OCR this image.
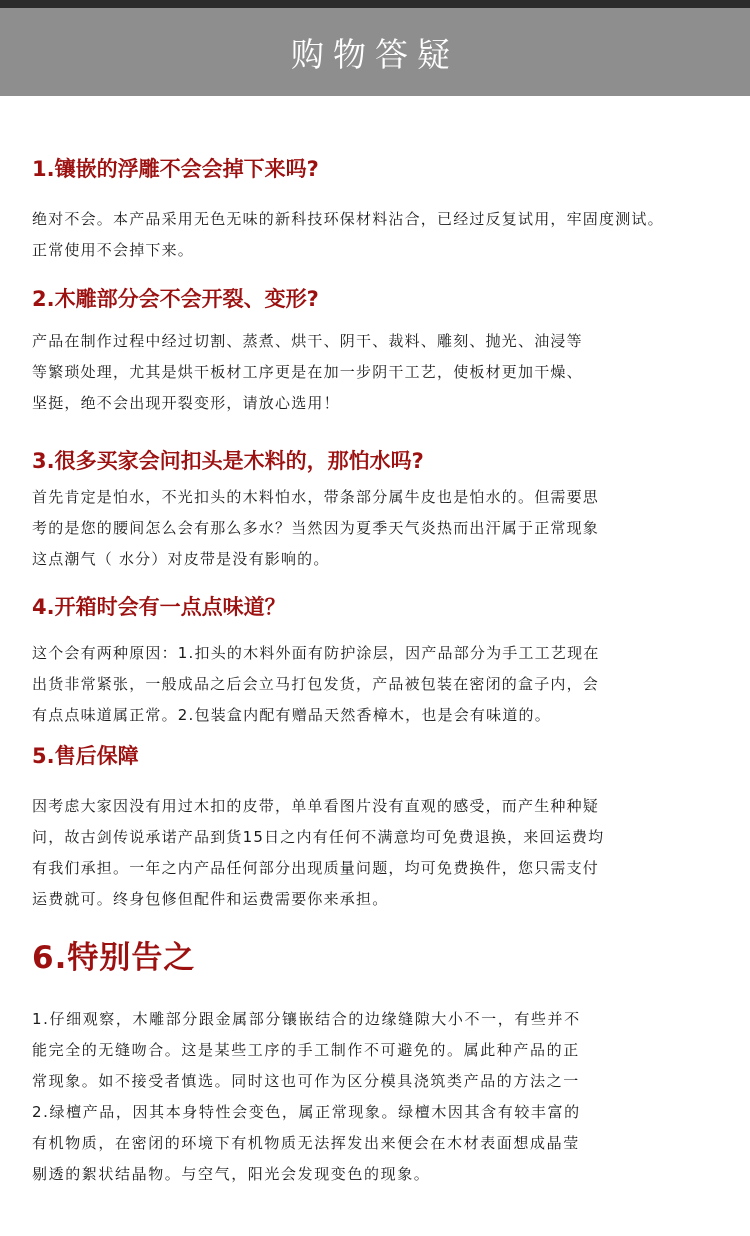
购物答疑
1.镶嵌的浮雕不会会掉下来吗?
绝对不会。本产品采用无色无味的新科技环保材料沾合，已经过反复试用，牢固度测试。
正常使用不会掉下来。
2.木雕部分会不会开裂、变形?
产品在制作过程中经过切割、蒸煮、烘干、阴干、裁料、雕刻、抛光、油浸等
等繁琐处理，尤其是烘干板材工序更是在加一步阴干工艺，使板材更加干燥、
坚挺，绝不会出现开裂变形，请放心选用！
3.很多买家会问扣头是木料的，那怕水吗?
首先肯定是怕水，不光扣头的木料怕水，带条部分属牛皮也是怕水的。但需要思
考的是您的腰间怎么会有那么多水？当然因为夏季天气炎热而出汗属于正常现象
这点潮气（ 水分）对皮带是没有影响的。
4.开箱时会有一点点味道？
这个会有两种原因：1.扣头的木料外面有防护涂层，因产品部分为手工工艺现在
出货非常紧张，一般成品之后会立马打包发货，产品被包装在密闭的盒子内，会
有点点味道属正常。2.包装盒内配有赠品天然香樟木，也是会有味道的。
5.售后保障
因考虑大家因没有用过木扣的皮带，单单看图片没有直观的感受，而产生种种疑
问，故古剑传说承诺产品到货15日之内有任何不满意均可免费退换，来回运费均
有我们承担。一年之内产品任何部分出现质量问题，均可免费换件，您只需支付
运费就可。终身包修但配件和运费需要你来承担。
6.特别告之
1.仔细观察，木雕部分跟金属部分镶嵌结合的边缘缝隙大小不一，有些并不
能完全的无缝吻合。这是某些工序的手工制作不可避免的。属此种产品的正
常现象。如不接受者慎选。同时这也可作为区分模具浇筑类产品的方法之一
2.绿檀产品，因其本身特性会变色，属正常现象。绿檀木因其含有较丰富的
有机物质，在密闭的环境下有机物质无法挥发出来便会在木材表面想成晶莹
剔透的絮状结晶物。与空气，阳光会发现变色的现象。
